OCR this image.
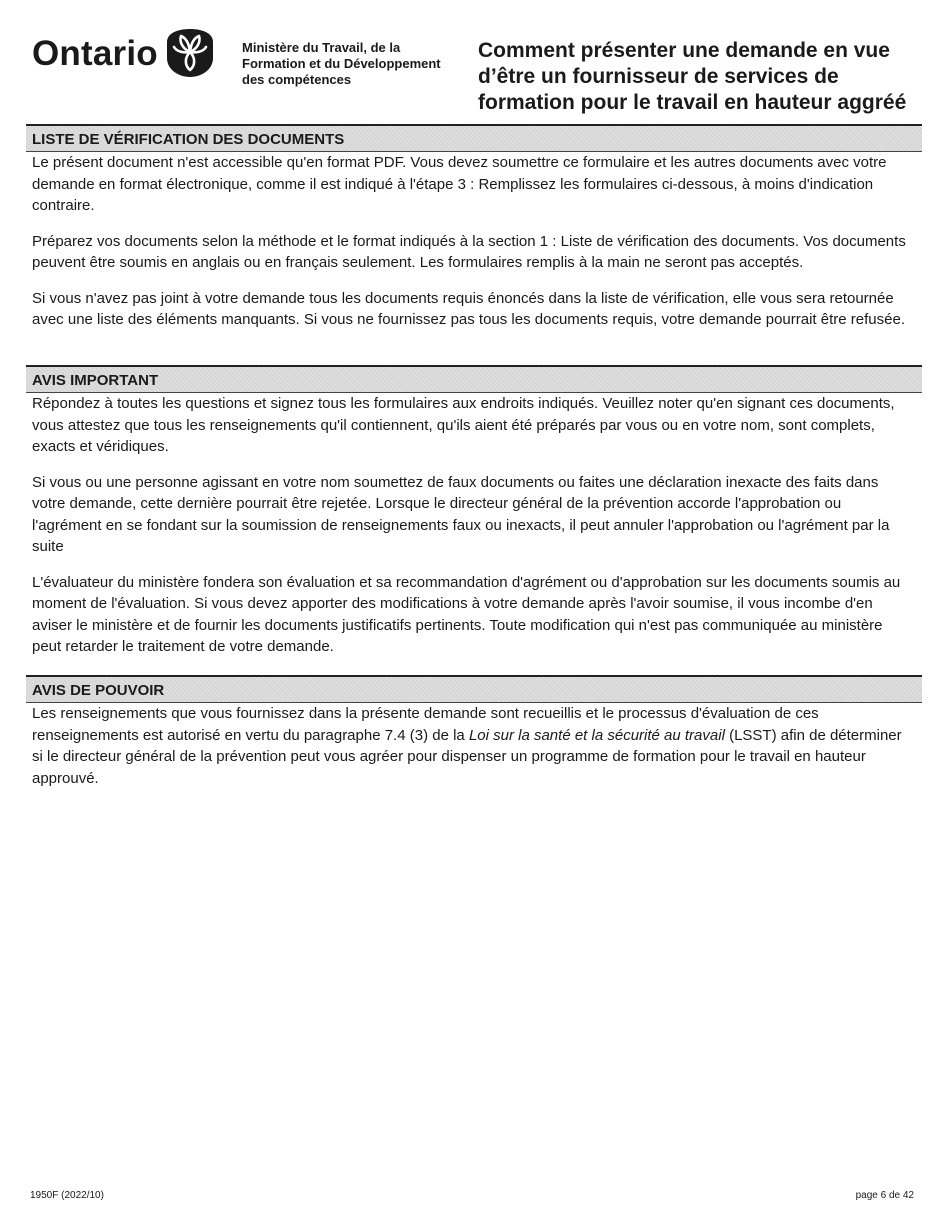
Ontario	Ministère du Travail, de la
Formation et du Développement
des compétences
Comment présenter une demande en vue
d’être un fournisseur de services de
formation pour le travail en hauteur aggréé
LISTE DE VÉRIFICATION DES DOCUMENTS

Le présent document n'est accessible qu'en format PDF. Vous devez soumettre ce formulaire et les autres documents avec votre demande en format électronique, comme il est indiqué à l'étape 3 : Remplissez les formulaires ci-dessous, à moins d'indication contraire.

Préparez vos documents selon la méthode et le format indiqués à la section 1 : Liste de vérification des documents. Vos documents peuvent être soumis en anglais ou en français seulement. Les formulaires remplis à la main ne seront pas acceptés.

Si vous n'avez pas joint à votre demande tous les documents requis énoncés dans la liste de vérification, elle vous sera retournée avec une liste des éléments manquants. Si vous ne fournissez pas tous les documents requis, votre demande pourrait être refusée.

AVIS IMPORTANT

Répondez à toutes les questions et signez tous les formulaires aux endroits indiqués. Veuillez noter qu'en signant ces documents, vous attestez que tous les renseignements qu'il contiennent, qu'ils aient été préparés par vous ou en votre nom, sont complets, exacts et véridiques.

Si vous ou une personne agissant en votre nom soumettez de faux documents ou faites une déclaration inexacte des faits dans votre demande, cette dernière pourrait être rejetée. Lorsque le directeur général de la prévention accorde l'approbation ou l'agrément en se fondant sur la soumission de renseignements faux ou inexacts, il peut annuler l'approbation ou l'agrément par la suite

L'évaluateur du ministère fondera son évaluation et sa recommandation d'agrément ou d'approbation sur les documents soumis au moment de l'évaluation. Si vous devez apporter des modifications à votre demande après l'avoir soumise, il vous incombe d'en aviser le ministère et de fournir les documents justificatifs pertinents. Toute modification qui n'est pas communiquée au ministère peut retarder le traitement de votre demande.

AVIS DE POUVOIR

Les renseignements que vous fournissez dans la présente demande sont recueillis et le processus d'évaluation de ces renseignements est autorisé en vertu du paragraphe 7.4 (3) de la Loi sur la santé et la sécurité au travail (LSST) afin de déterminer si le directeur général de la prévention peut vous agréer pour dispenser un programme de formation pour le travail en hauteur approuvé.

1950F (2022/10)	page 6 de 42
